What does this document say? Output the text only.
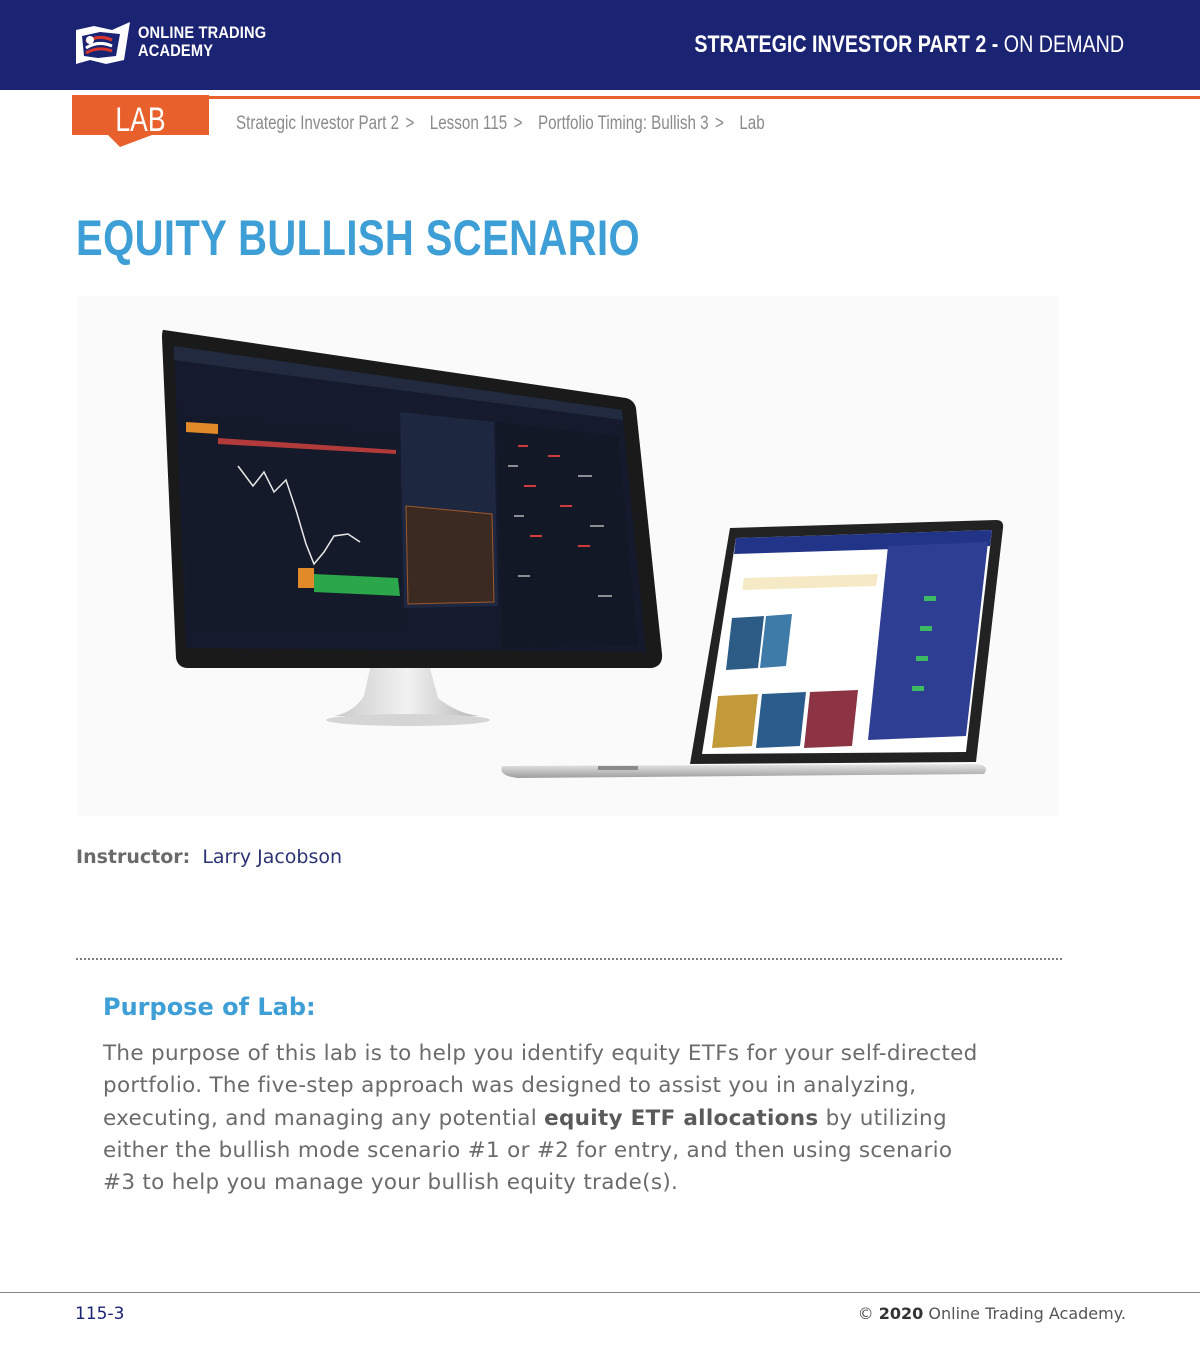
ONLINE TRADING
ACADEMY	STRATEGIC INVESTOR PART 2 - ON DEMAND
LAB	Strategic Investor Part 2 > Lesson 115 > Portfolio Timing: Bullish 3 > Lab
EQUITY BULLISH SCENARIO
Instructor: Larry Jacobson
Purpose of Lab:

The purpose of this lab is to help you identify equity ETFs for your self-directed portfolio. The five-step approach was designed to assist you in analyzing, executing, and managing any potential equity ETF allocations by utilizing either the bullish mode scenario #1 or #2 for entry, and then using scenario #3 to help you manage your bullish equity trade(s).

115-3	© 2020 Online Trading Academy.
